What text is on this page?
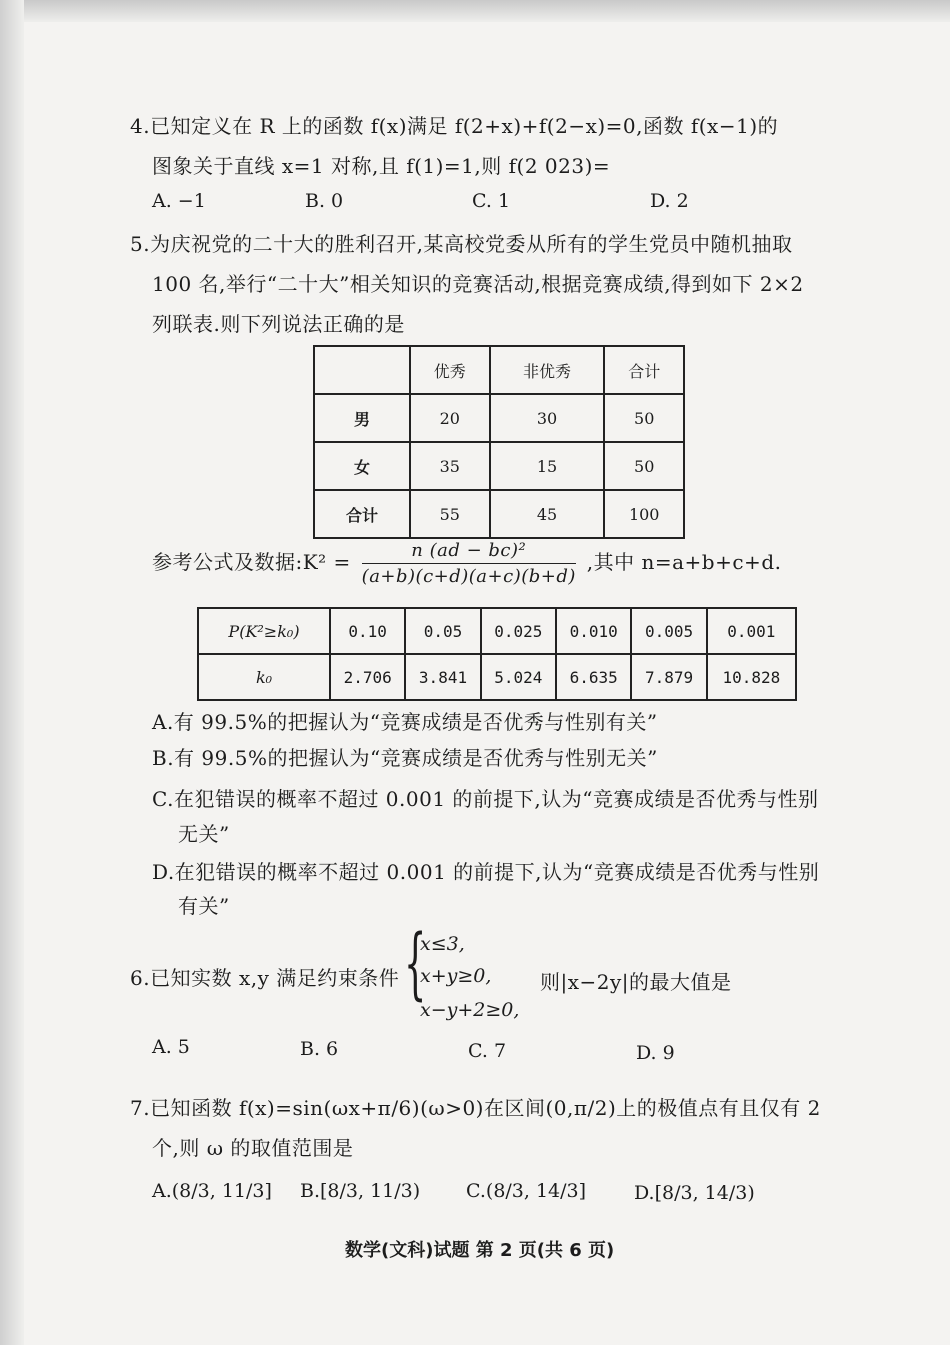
4.已知定义在 R 上的函数 f(x)满足 f(2+x)+f(2−x)=0,函数 f(x−1)的
图象关于直线 x=1 对称,且 f(1)=1,则 f(2 023)=
A. −1	B. 0	C. 1	D. 2
5.为庆祝党的二十大的胜利召开,某高校党委从所有的学生党员中随机抽取
100 名,举行“二十大”相关知识的竞赛活动,根据竞赛成绩,得到如下 2×2
列联表.则下列说法正确的是
	优秀	非优秀	合计
男	20	30	50
女	35	15	50
合计	55	45	100
参考公式及数据:K² = $\frac{\text{n (ad − bc)²}}{(a+b)(c+d)(a+c)(b+d)}$ ,其中 n=a+b+c+d.
P(K²≥k₀)	0.10	0.05	0.025	0.010	0.005	0.001
k₀	2.706	3.841	5.024	6.635	7.879	10.828
A.有 99.5%的把握认为“竞赛成绩是否优秀与性别有关”
B.有 99.5%的把握认为“竞赛成绩是否优秀与性别无关”
C.在犯错误的概率不超过 0.001 的前提下,认为“竞赛成绩是否优秀与性别
无关”
D.在犯错误的概率不超过 0.001 的前提下,认为“竞赛成绩是否优秀与性别
有关”
6.已知实数 x,y 满足约束条件 {
x≤3,
x+y≥0,
x−y+2≥0,
则|x−2y|的最大值是
A. 5	B. 6	C. 7	D. 9
7.已知函数 f(x)=sin(ωx+π/6)(ω>0)在区间(0,π/2)上的极值点有且仅有 2
个,则 ω 的取值范围是
A.(8/3, 11/3] B.[8/3, 11/3) C.(8/3, 14/3]	D.[8/3, 14/3)
数学(文科)试题 第 2 页(共 6 页)
